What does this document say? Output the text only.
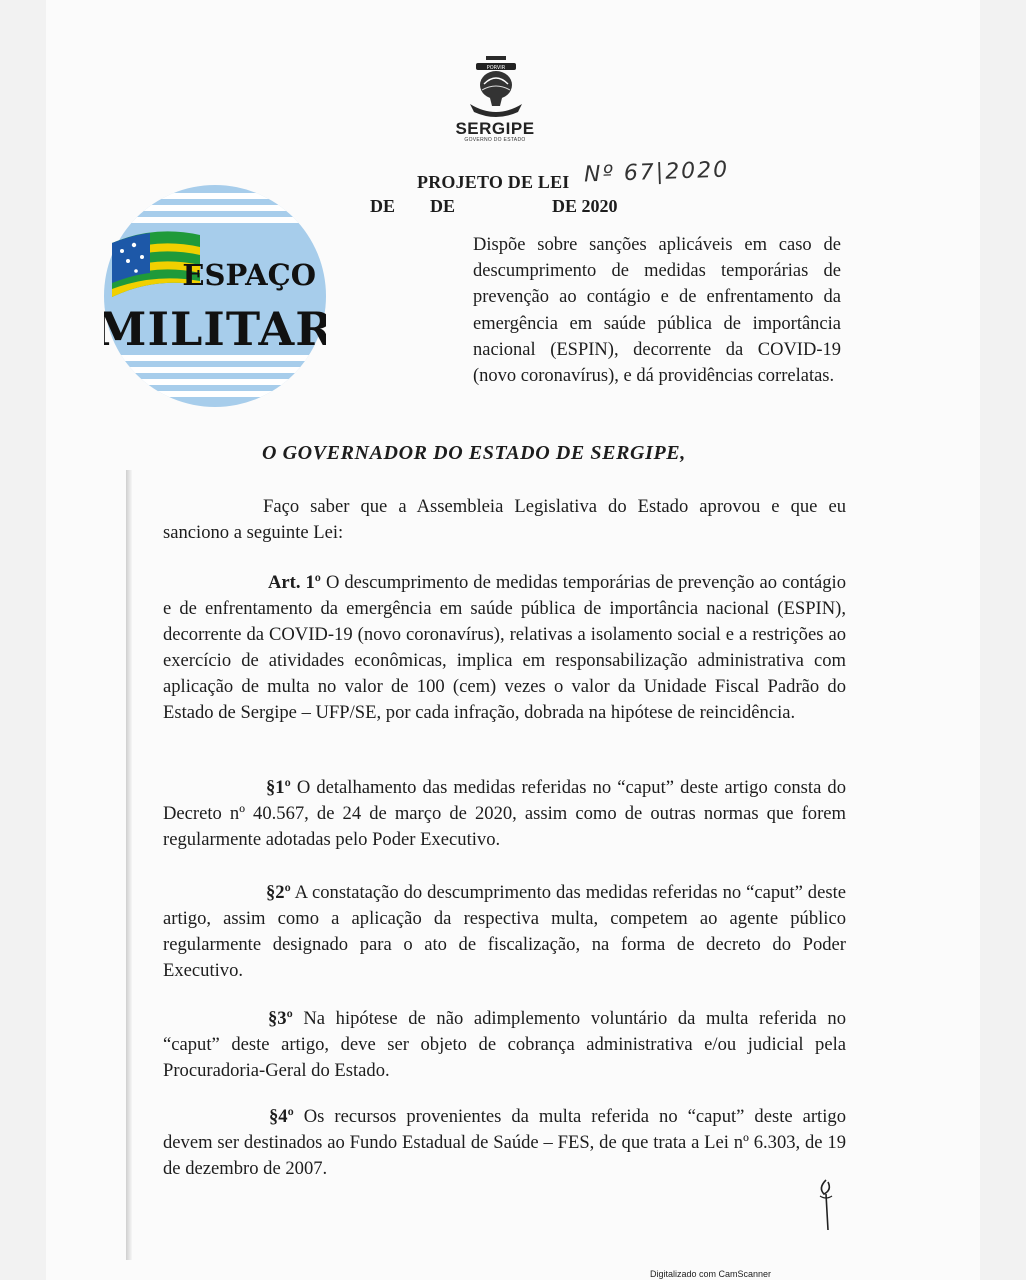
PORVIR
SERGIPE
GOVERNO DO ESTADO
PROJETO DE LEI Nº 67|2020
DE DE	DE 2020
ESPAÇO
MILITAR
Dispõe sobre sanções aplicáveis em caso de descumprimento de medidas temporárias de prevenção ao contágio e de enfrentamento da emergência em saúde pública de importância nacional (ESPIN), decorrente da COVID-19 (novo coronavírus), e dá providências correlatas.
O GOVERNADOR DO ESTADO DE SERGIPE,
Faço saber que a Assembleia Legislativa do Estado aprovou e que eu sanciono a seguinte Lei:
Art. 1º O descumprimento de medidas temporárias de prevenção ao contágio e de enfrentamento da emergência em saúde pública de importância nacional (ESPIN), decorrente da COVID-19 (novo coronavírus), relativas a isolamento social e a restrições ao exercício de atividades econômicas, implica em responsabilização administrativa com aplicação de multa no valor de 100 (cem) vezes o valor da Unidade Fiscal Padrão do Estado de Sergipe – UFP/SE, por cada infração, dobrada na hipótese de reincidência.
§1º O detalhamento das medidas referidas no “caput” deste artigo consta do Decreto nº 40.567, de 24 de março de 2020, assim como de outras normas que forem regularmente adotadas pelo Poder Executivo.
§2º A constatação do descumprimento das medidas referidas no “caput” deste artigo, assim como a aplicação da respectiva multa, competem ao agente público regularmente designado para o ato de fiscalização, na forma de decreto do Poder Executivo.
§3º Na hipótese de não adimplemento voluntário da multa referida no “caput” deste artigo, deve ser objeto de cobrança administrativa e/ou judicial pela Procuradoria-Geral do Estado.
§4º Os recursos provenientes da multa referida no “caput” deste artigo devem ser destinados ao Fundo Estadual de Saúde – FES, de que trata a Lei nº 6.303, de 19 de dezembro de 2007.
Digitalizado com CamScanner
